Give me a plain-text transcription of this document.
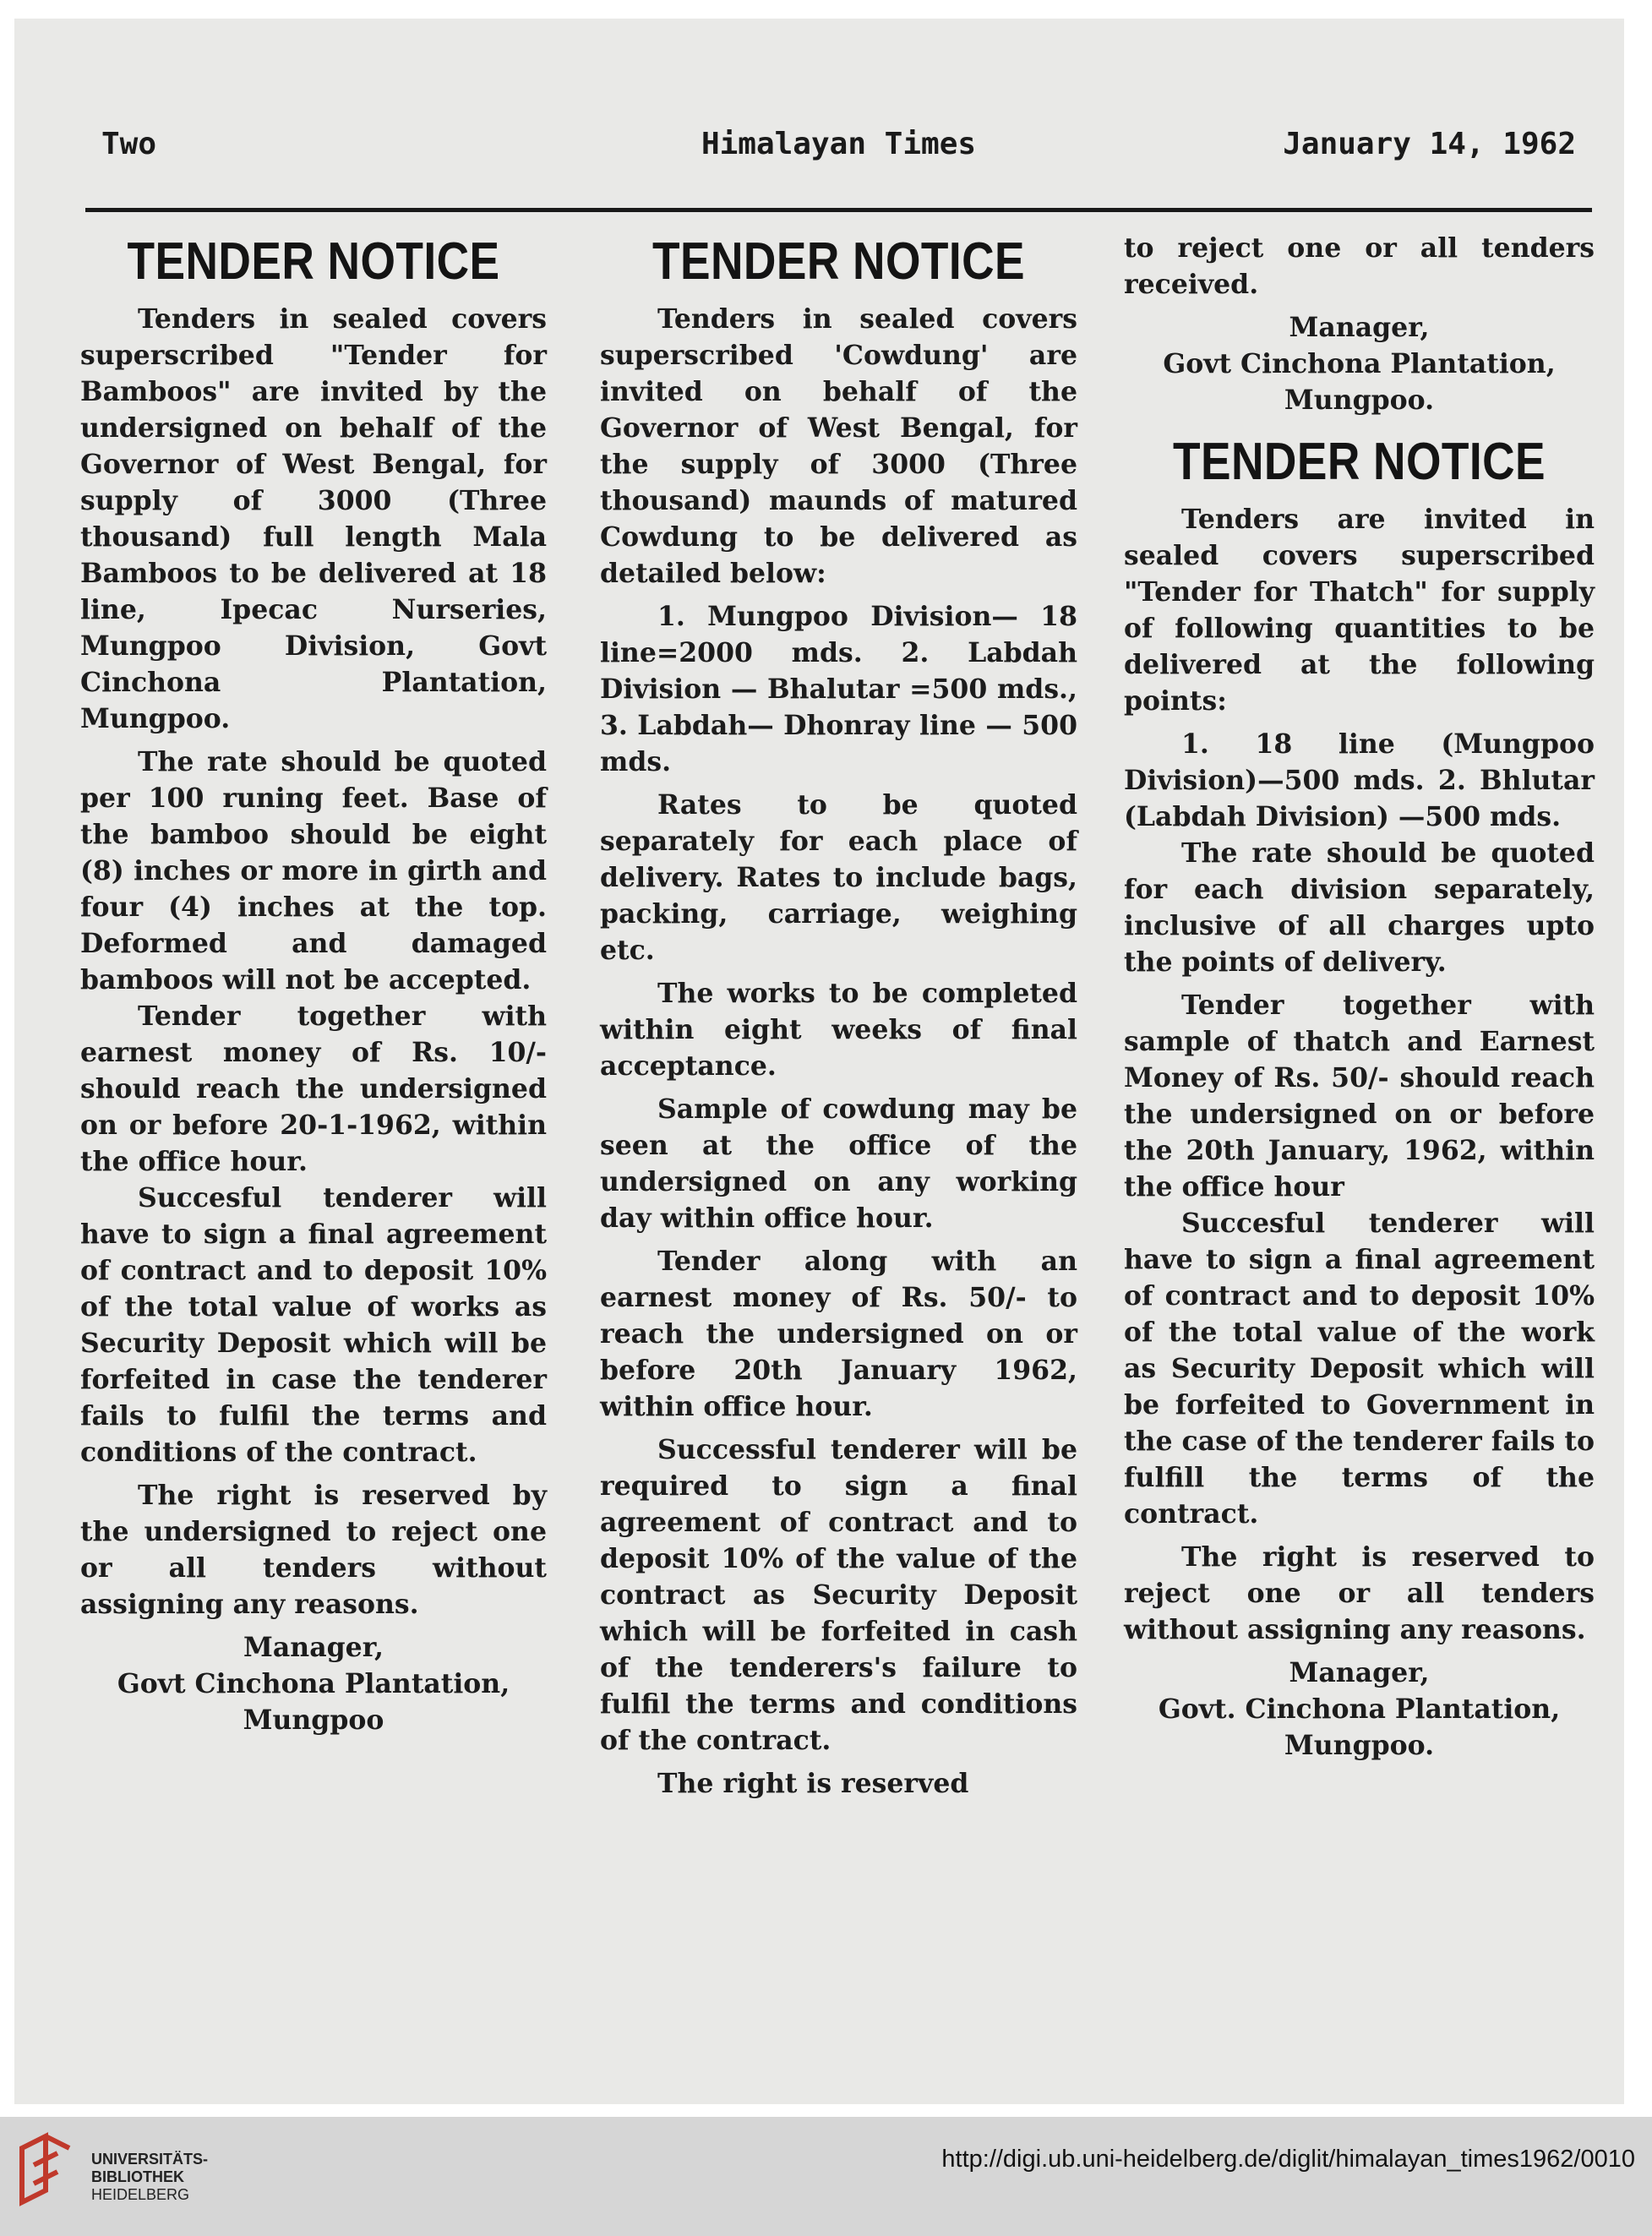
Two	Himalayan Times	January 14, 1962
TENDER NOTICE

Tenders in sealed covers superscribed "Tender for Bamboos" are invited by the undersigned on behalf of the Governor of West Bengal, for supply of 3000 (Three thousand) full length Mala Bamboos to be delivered at 18 line, Ipecac Nurseries, Mungpoo Division, Govt Cinchona Plantation, Mungpoo.

The rate should be quoted per 100 runing feet. Base of the bamboo should be eight (8) inches or more in girth and four (4) inches at the top. Deformed and damaged bamboos will not be accepted.

Tender together with earnest money of Rs. 10/- should reach the undersigned on or before 20-1-1962, within the office hour.

Succesful tenderer will have to sign a final agreement of contract and to deposit 10% of the total value of works as Security Deposit which will be forfeited in case the tenderer fails to fulfil the terms and conditions of the contract.

The right is reserved by the undersigned to reject one or all tenders without assigning any reasons.

Manager,

Govt Cinchona Plantation,

Mungpoo

TENDER NOTICE

Tenders in sealed covers superscribed 'Cowdung' are invited on behalf of the Governor of West Bengal, for the supply of 3000 (Three thousand) maunds of matured Cowdung to be delivered as detailed below:

1. Mungpoo Division— 18 line=2000 mds. 2. Labdah Division — Bhalutar =500 mds., 3. Labdah— Dhonray line — 500 mds.

Rates to be quoted separately for each place of delivery. Rates to include bags, packing, carriage, weighing etc.

The works to be completed within eight weeks of final acceptance.

Sample of cowdung may be seen at the office of the undersigned on any working day within office hour.

Tender along with an earnest money of Rs. 50/- to reach the undersigned on or before 20th January 1962, within office hour.

Successful tenderer will be required to sign a final agreement of contract and to deposit 10% of the value of the contract as Security Deposit which will be forfeited in cash of the tenderers's failure to fulfil the terms and conditions of the contract.

The right is reserved

to reject one or all tenders received.

Manager,

Govt Cinchona Plantation,

Mungpoo.

TENDER NOTICE

Tenders are invited in sealed covers superscribed "Tender for Thatch" for supply of following quantities to be delivered at the following points:

1. 18 line (Mungpoo Division)—500 mds. 2. Bhlutar (Labdah Division) —500 mds.

The rate should be quoted for each division separately, inclusive of all charges upto the points of delivery.

Tender together with sample of thatch and Earnest Money of Rs. 50/- should reach the undersigned on or before the 20th January, 1962, within the office hour

Succesful tenderer will have to sign a final agreement of contract and to deposit 10% of the total value of the work as Security Deposit which will be forfeited to Government in the case of the tenderer fails to fulfill the terms of the contract.

The right is reserved to reject one or all tenders without assigning any reasons.

Manager,

Govt. Cinchona Plantation,

Mungpoo.

UNIVERSITÄTS-
BIBLIOTHEK
HEIDELBERG
http://digi.ub.uni-heidelberg.de/diglit/himalayan_times1962/0010
